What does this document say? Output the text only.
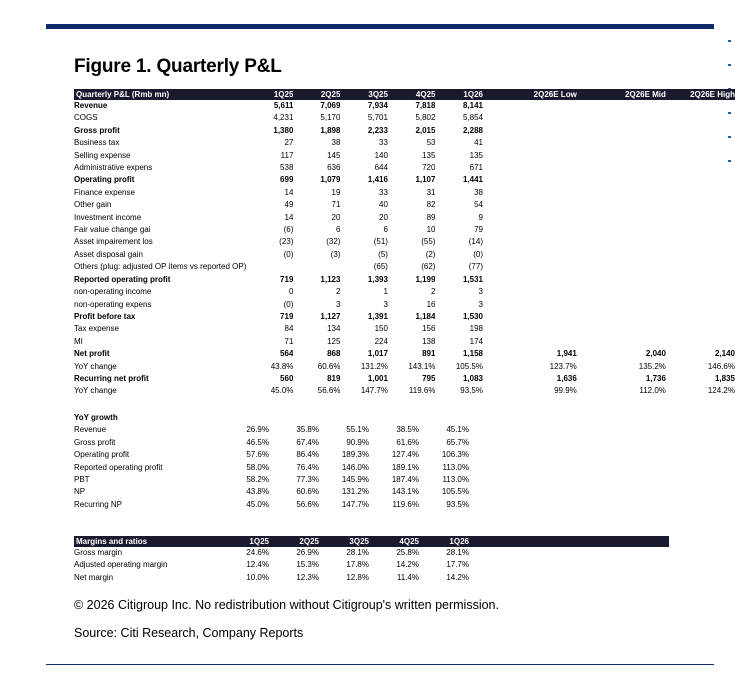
Figure 1. Quarterly P&L
Quarterly P&L (Rmb mn)	1Q25	2Q25	3Q25	4Q25	1Q26	2Q26E Low	2Q26E Mid	2Q26E High
Revenue	5,611	7,069	7,934	7,818	8,141			
COGS	4,231	5,170	5,701	5,802	5,854			
Gross profit	1,380	1,898	2,233	2,015	2,288			
Business tax	27	38	33	53	41			
Selling expense	117	145	140	135	135			
Administrative expens	538	636	644	720	671			
Operating profit	699	1,079	1,416	1,107	1,441			
Finance expense	14	19	33	31	38			
Other gain	49	71	40	82	54			
Investment income	14	20	20	89	9			
Fair value change gai	(6)	6	6	10	79			
Asset impairement los	(23)	(32)	(51)	(55)	(14)			
Asset disposal gain	(0)	(3)	(5)	(2)	(0)			
Others (plug: adjusted OP items vs reported OP)			(65)	(62)	(77)			
Reported operating profit	719	1,123	1,393	1,199	1,531			
non-operating income	0	2	1	2	3			
non-operating expens	(0)	3	3	16	3			
Profit before tax	719	1,127	1,391	1,184	1,530			
Tax expense	84	134	150	156	198			
MI	71	125	224	138	174			
Net profit	564	868	1,017	891	1,158	1,941	2,040	2,140
YoY change	43.8%	60.6%	131.2%	143.1%	105.5%	123.7%	135.2%	146.6%
Recurring net profit	560	819	1,001	795	1,083	1,636	1,736	1,835
YoY change	45.0%	56.6%	147.7%	119.6%	93.5%	99.9%	112.0%	124.2%
YoY growth					
Revenue	26.9%	35.8%	55.1%	38.5%	45.1%
Gross profit	46.5%	67.4%	90.9%	61.6%	65.7%
Operating profit	57.6%	86.4%	189.3%	127.4%	106.3%
Reported operating profit	58.0%	76.4%	146.0%	189.1%	113.0%
PBT	58.2%	77.3%	145.9%	187.4%	113.0%
NP	43.8%	60.6%	131.2%	143.1%	105.5%
Recurring NP	45.0%	56.6%	147.7%	119.6%	93.5%
Margins and ratios	1Q25	2Q25	3Q25	4Q25	1Q26	
Gross margin	24.6%	26.9%	28.1%	25.8%	28.1%	
Adjusted operating margin	12.4%	15.3%	17.8%	14.2%	17.7%	
Net margin	10.0%	12.3%	12.8%	11.4%	14.2%	
© 2026 Citigroup Inc. No redistribution without Citigroup's written permission.
Source: Citi Research, Company Reports
